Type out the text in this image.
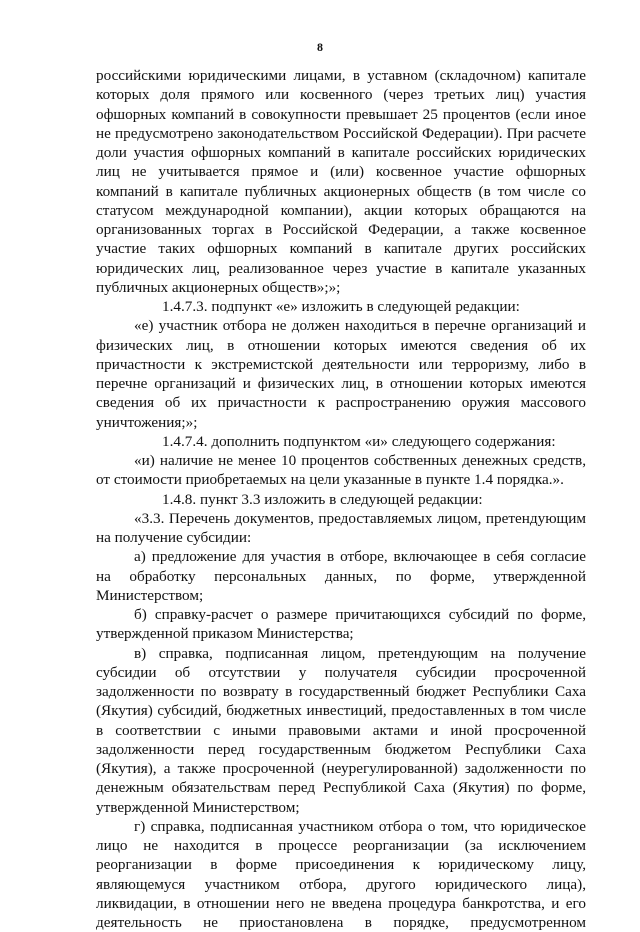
8
российскими юридическими лицами, в уставном (складочном) капитале
которых доля прямого или косвенного (через третьих лиц) участия
офшорных компаний в совокупности превышает 25 процентов (если иное
не предусмотрено законодательством Российской Федерации). При расчете
доли участия офшорных компаний в капитале российских юридических
лиц не учитывается прямое и (или) косвенное участие офшорных
компаний в капитале публичных акционерных обществ (в том числе со
статусом международной компании), акции которых обращаются на
организованных торгах в Российской Федерации, а также косвенное
участие таких офшорных компаний в капитале других российских
юридических лиц, реализованное через участие в капитале указанных
публичных акционерных обществ»;»;
1.4.7.3. подпункт «е» изложить в следующей редакции:
«е) участник отбора не должен находиться в перечне организаций и
физических лиц, в отношении которых имеются сведения об их
причастности к экстремистской деятельности или терроризму, либо в
перечне организаций и физических лиц, в отношении которых имеются
сведения об их причастности к распространению оружия массового
уничтожения;»;
1.4.7.4. дополнить подпунктом «и» следующего содержания:
«и) наличие не менее 10 процентов собственных денежных средств,
от стоимости приобретаемых на цели указанные в пункте 1.4 порядка.».
1.4.8. пункт 3.3 изложить в следующей редакции:
«3.3. Перечень документов, предоставляемых лицом, претендующим
на получение субсидии:
а) предложение для участия в отборе, включающее в себя согласие
на обработку персональных данных, по форме, утвержденной
Министерством;
б) справку-расчет о размере причитающихся субсидий по форме,
утвержденной приказом Министерства;
в) справка, подписанная лицом, претендующим на получение
субсидии об отсутствии у получателя субсидии просроченной
задолженности по возврату в государственный бюджет Республики Саха
(Якутия) субсидий, бюджетных инвестиций, предоставленных в том числе
в соответствии с иными правовыми актами и иной просроченной
задолженности перед государственным бюджетом Республики Саха
(Якутия), а также просроченной (неурегулированной) задолженности по
денежным обязательствам перед Республикой Саха (Якутия) по форме,
утвержденной Министерством;
г) справка, подписанная участником отбора о том, что юридическое
лицо не находится в процессе реорганизации (за исключением
реорганизации в форме присоединения к юридическому лицу,
являющемуся участником отбора, другого юридического лица),
ликвидации, в отношении него не введена процедура банкротства, и его
деятельность не приостановлена в порядке, предусмотренном
